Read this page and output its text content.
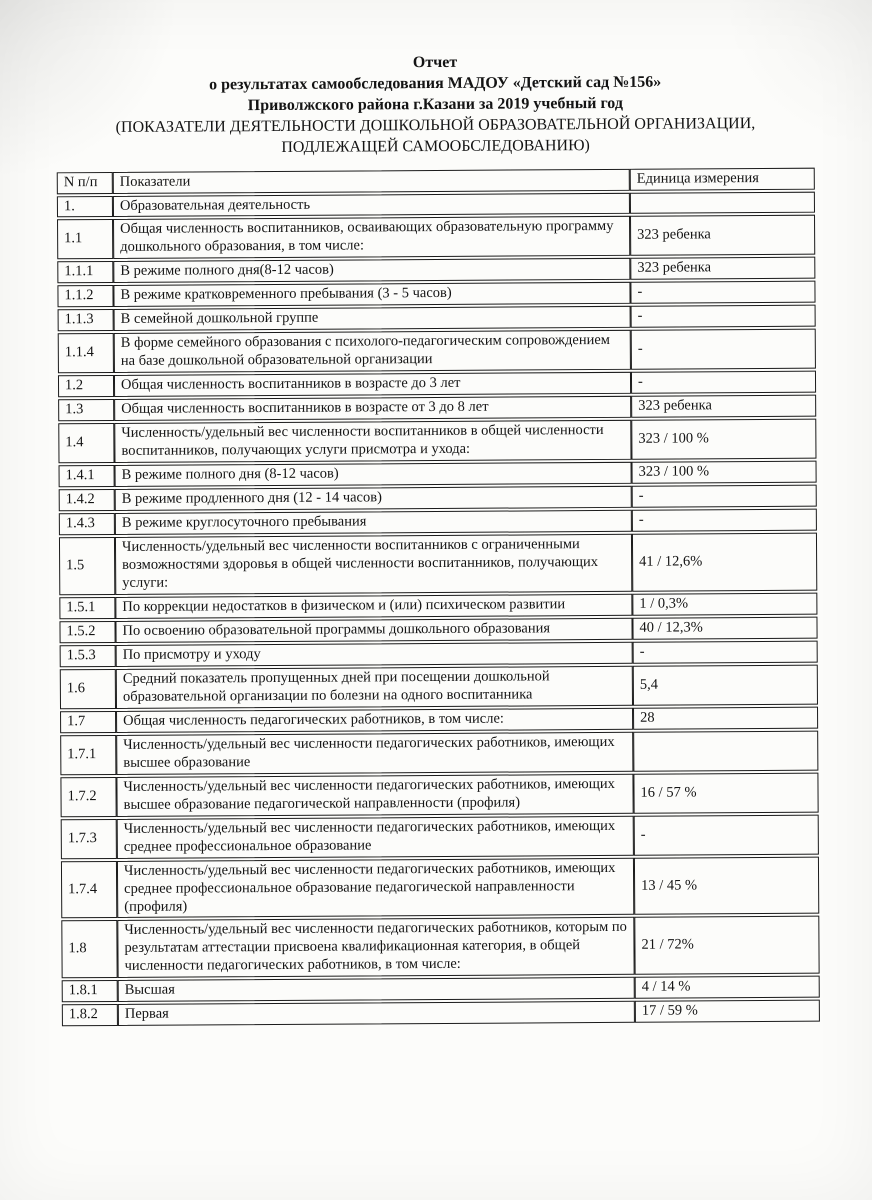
Отчет

о результатах самообследования МАДОУ «Детский сад №156»

Приволжского района г.Казани за 2019 учебный год

(ПОКАЗАТЕЛИ ДЕЯТЕЛЬНОСТИ ДОШКОЛЬНОЙ ОБРАЗОВАТЕЛЬНОЙ ОРГАНИЗАЦИИ,

ПОДЛЕЖАЩЕЙ САМООБСЛЕДОВАНИЮ)

N п/п	Показатели	Единица измерения
1.	Образовательная деятельность	
1.1	Общая численность воспитанников, осваивающих образовательную программу дошкольного образования, в том числе:	323 ребенка
1.1.1	В режиме полного дня(8-12 часов)	323 ребенка
1.1.2	В режиме кратковременного пребывания (3 - 5 часов)	-
1.1.3	В семейной дошкольной группе	-
1.1.4	В форме семейного образования с психолого-педагогическим сопровождением на базе дошкольной образовательной организации	-
1.2	Общая численность воспитанников в возрасте до 3 лет	-
1.3	Общая численность воспитанников в возрасте от 3 до 8 лет	323 ребенка
1.4	Численность/удельный вес численности воспитанников в общей численности воспитанников, получающих услуги присмотра и ухода:	323 / 100 %
1.4.1	В режиме полного дня (8-12 часов)	323 / 100 %
1.4.2	В режиме продленного дня (12 - 14 часов)	-
1.4.3	В режиме круглосуточного пребывания	-
1.5	Численность/удельный вес численности воспитанников с ограниченными возможностями здоровья в общей численности воспитанников, получающих услуги:	41 / 12,6%
1.5.1	По коррекции недостатков в физическом и (или) психическом развитии	1 / 0,3%
1.5.2	По освоению образовательной программы дошкольного образования	40 / 12,3%
1.5.3	По присмотру и уходу	-
1.6	Средний показатель пропущенных дней при посещении дошкольной образовательной организации по болезни на одного воспитанника	5,4
1.7	Общая численность педагогических работников, в том числе:	28
1.7.1	Численность/удельный вес численности педагогических работников, имеющих высшее образование	
1.7.2	Численность/удельный вес численности педагогических работников, имеющих высшее образование педагогической направленности (профиля)	16 / 57 %
1.7.3	Численность/удельный вес численности педагогических работников, имеющих среднее профессиональное образование	-
1.7.4	Численность/удельный вес численности педагогических работников, имеющих среднее профессиональное образование педагогической направленности (профиля)	13 / 45 %
1.8	Численность/удельный вес численности педагогических работников, которым по результатам аттестации присвоена квалификационная категория, в общей численности педагогических работников, в том числе:	21 / 72%
1.8.1	Высшая	4 / 14 %
1.8.2	Первая	17 / 59 %
